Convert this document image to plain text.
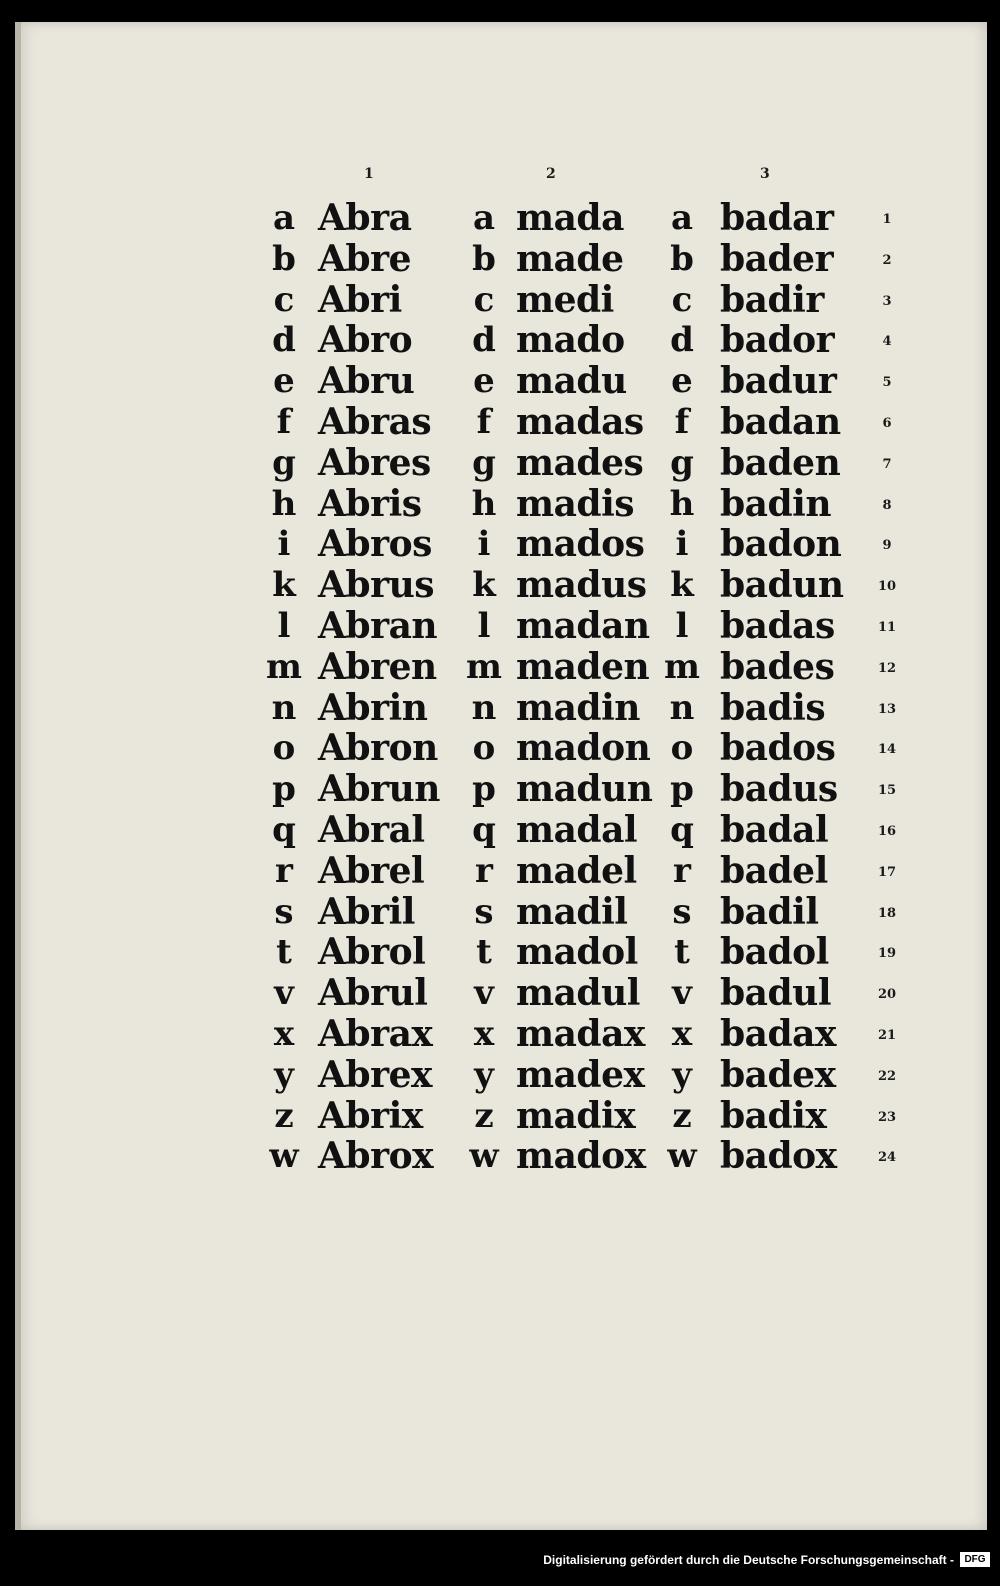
1	2	3
a Abra a mada a badar	1
b Abre b made b bader	2
c Abri c medi c badir	3
d Abro d mado d bador	4
e Abru e madu e badur	5
f Abras	f madas f badan	6
g Abres g mades g baden	7
h Abris h madis h badin	8
i Abros	i mados i badon	9
k Abrus k madus k badun	10
l Abran	l madan l badas	11
m Abren m maden m bades	12
n Abrin n madin n badis	13
o Abron o madon o bados	14
p Abrun p madun p badus	15
q Abral q madal q badal	16
r Abrel r madel r badel	17
s Abril s madil s badil	18
t Abrol t madol t badol	19
v Abrul v madul v badul	20
x Abrax x madax x badax	21
y Abrex y madex y badex	22
z Abrix z madix z badix	23
w Abrox w madox w badox	24
Digitalisierung gefördert durch die Deutsche Forschungsgemeinschaft -	DFG
